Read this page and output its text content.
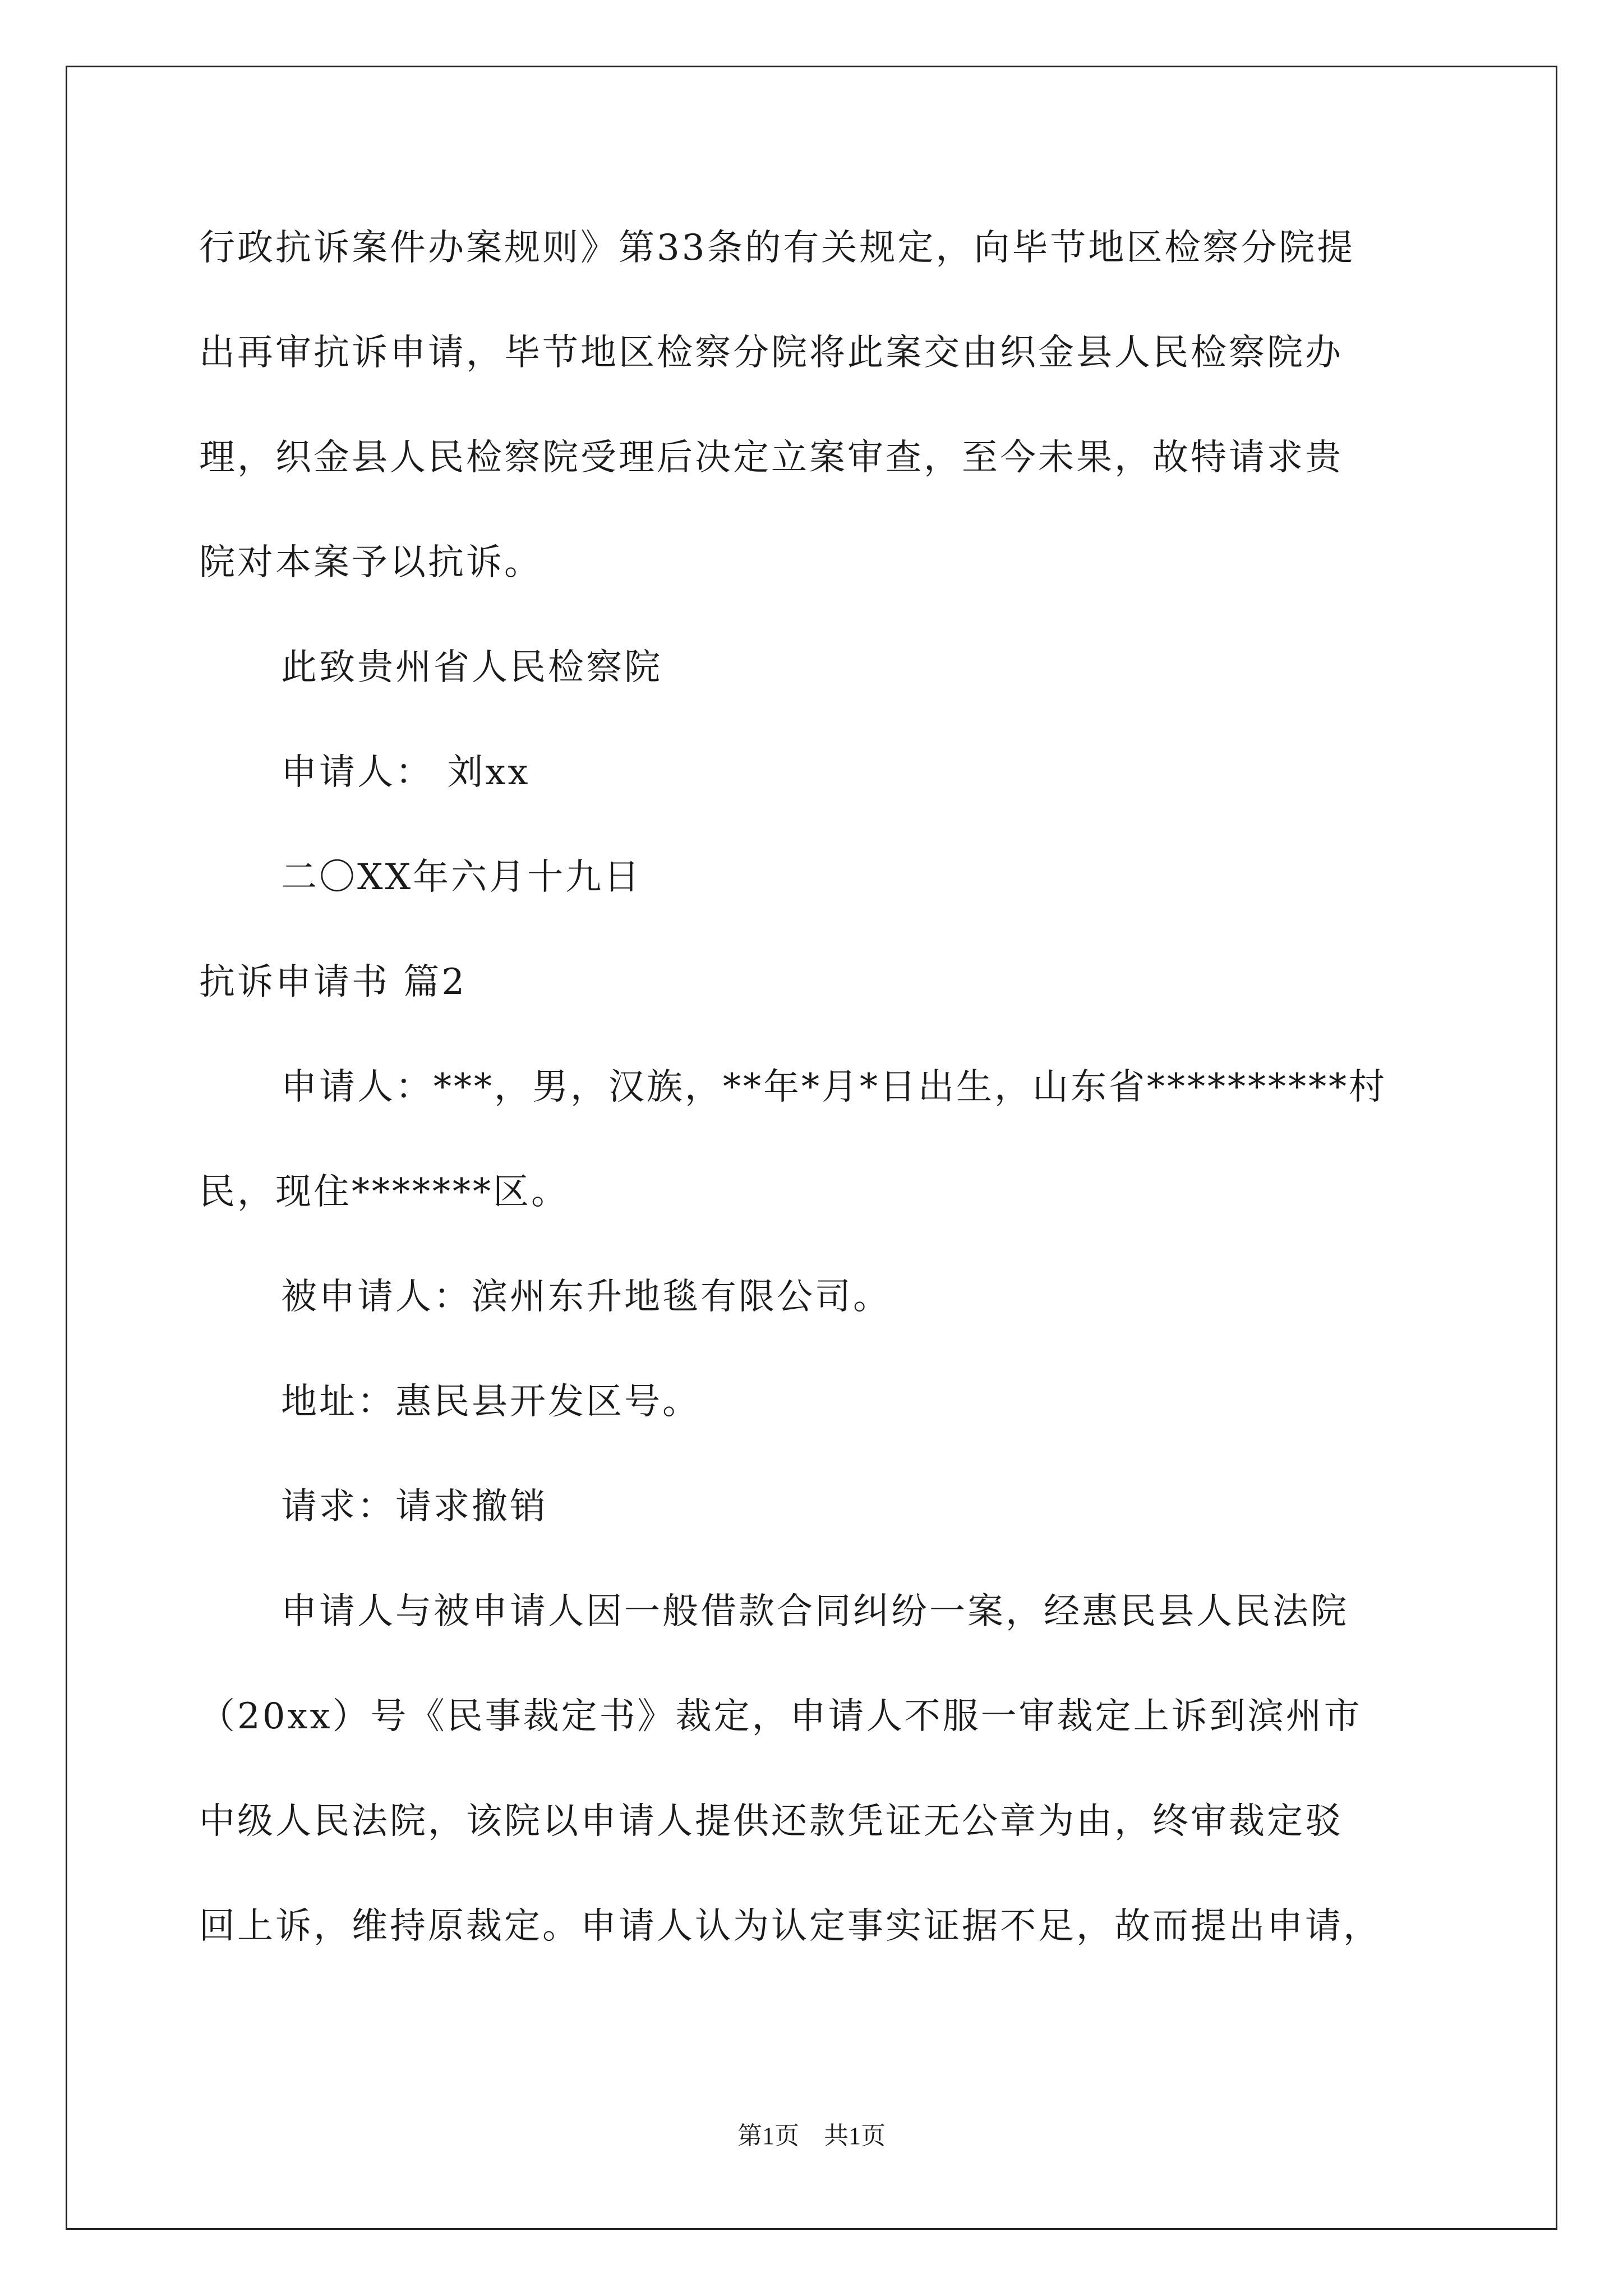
行政抗诉案件办案规则》第33条的有关规定，向毕节地区检察分院提
出再审抗诉申请，毕节地区检察分院将此案交由织金县人民检察院办
理，织金县人民检察院受理后决定立案审查，至今未果，故特请求贵
院对本案予以抗诉。
此致贵州省人民检察院
申请人： 刘xx
二〇XX年六月十九日
抗诉申请书 篇2
申请人：***，男，汉族，**年*月*日出生，山东省**********村
民，现住*******区。
被申请人：滨州东升地毯有限公司。
地址：惠民县开发区号。
请求：请求撤销
申请人与被申请人因一般借款合同纠纷一案，经惠民县人民法院
（20xx）号《民事裁定书》裁定，申请人不服一审裁定上诉到滨州市
中级人民法院，该院以申请人提供还款凭证无公章为由，终审裁定驳
回上诉，维持原裁定。申请人认为认定事实证据不足，故而提出申请，
第1页　共1页
